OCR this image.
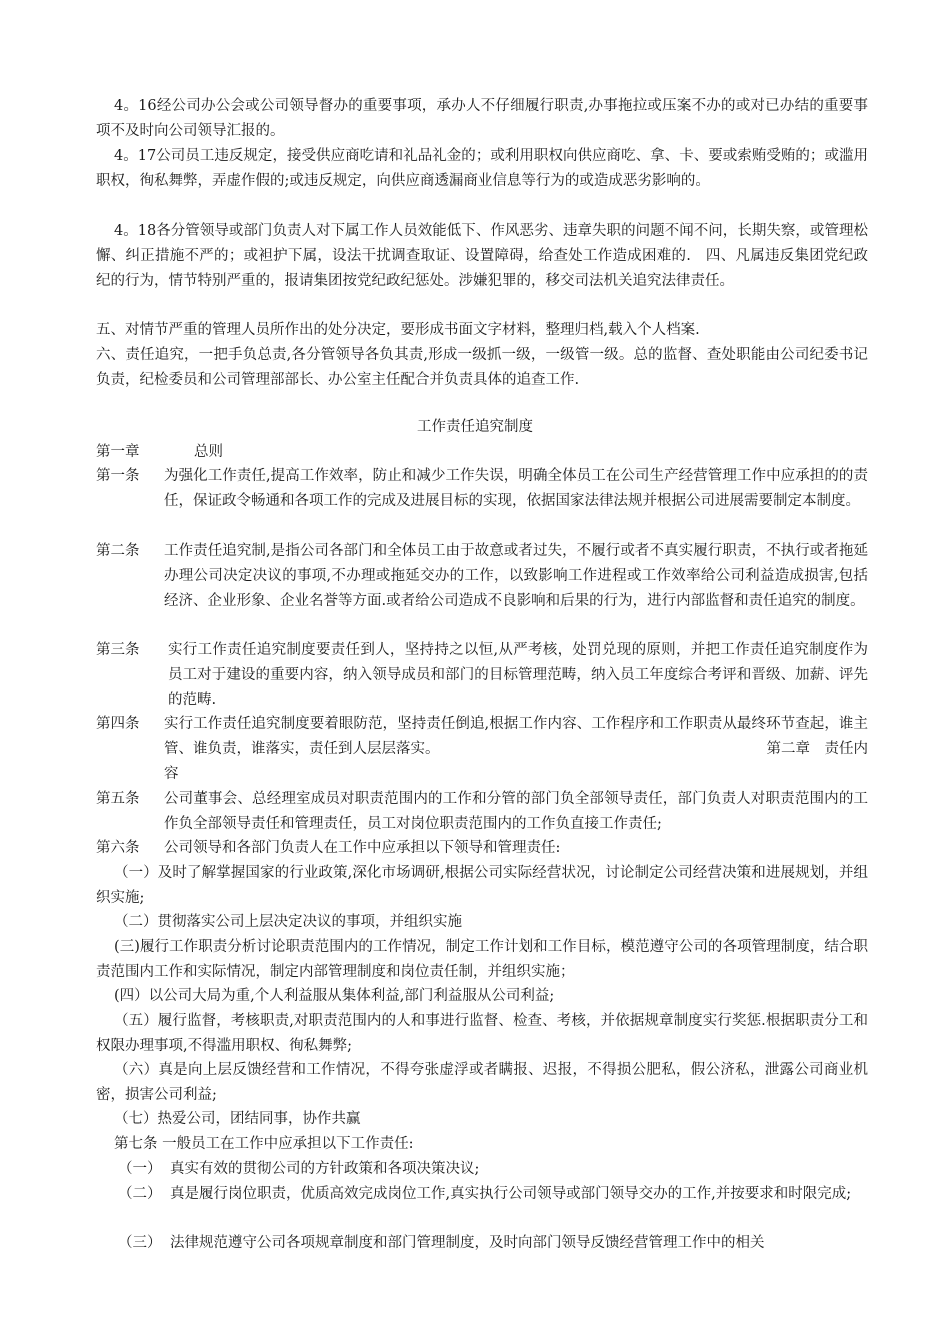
4。16经公司办公会或公司领导督办的重要事项，承办人不仔细履行职责,办事拖拉或压案不办的或对已办结的重要事项不及时向公司领导汇报的。

4。17公司员工违反规定，接受供应商吃请和礼品礼金的；或利用职权向供应商吃、拿、卡、要或索贿受贿的；或滥用职权，徇私舞弊，弄虚作假的;或违反规定，向供应商透漏商业信息等行为的或造成恶劣影响的。

4。18各分管领导或部门负责人对下属工作人员效能低下、作风恶劣、违章失职的问题不闻不问，长期失察，或管理松懈、纠正措施不严的；或袒护下属，设法干扰调查取证、设置障碍，给查处工作造成困难的.　四、凡属违反集团党纪政纪的行为，情节特别严重的，报请集团按党纪政纪惩处。涉嫌犯罪的，移交司法机关追究法律责任。

五、对情节严重的管理人员所作出的处分决定，要形成书面文字材料，整理归档,载入个人档案.

六、责任追究，一把手负总责,各分管领导各负其责,形成一级抓一级，一级管一级。总的监督、查处职能由公司纪委书记负责，纪检委员和公司管理部部长、办公室主任配合并负责具体的追查工作.

工作责任追究制度
第一章	总则
第一条	为强化工作责任,提高工作效率，防止和减少工作失误，明确全体员工在公司生产经营管理工作中应承担的的责任，保证政令畅通和各项工作的完成及进展目标的实现，依据国家法律法规并根据公司进展需要制定本制度。
第二条	工作责任追究制,是指公司各部门和全体员工由于故意或者过失，不履行或者不真实履行职责，不执行或者拖延办理公司决定决议的事项,不办理或拖延交办的工作，以致影响工作进程或工作效率给公司利益造成损害,包括经济、企业形象、企业名誉等方面.或者给公司造成不良影响和后果的行为，进行内部监督和责任追究的制度。
第三条	实行工作责任追究制度要责任到人，坚持持之以恒,从严考核，处罚兑现的原则，并把工作责任追究制度作为员工对于建设的重要内容，纳入领导成员和部门的目标管理范畴，纳入员工年度综合考评和晋级、加薪、评先的范畴.
第四条	实行工作责任追究制度要着眼防范，坚持责任倒追,根据工作内容、工作程序和工作职责从最终环节查起，谁主管、谁负责，谁落实，责任到人层层落实。	第二章　责任内
容
第五条	公司董事会、总经理室成员对职责范围内的工作和分管的部门负全部领导责任，部门负责人对职责范围内的工作负全部领导责任和管理责任，员工对岗位职责范围内的工作负直接工作责任;
第六条	公司领导和各部门负责人在工作中应承担以下领导和管理责任:

（一）及时了解掌握国家的行业政策,深化市场调研,根据公司实际经营状况，讨论制定公司经营决策和进展规划，并组织实施;

（二）贯彻落实公司上层决定决议的事项，并组织实施

(三)履行工作职责分析讨论职责范围内的工作情况，制定工作计划和工作目标，模范遵守公司的各项管理制度，结合职责范围内工作和实际情况，制定内部管理制度和岗位责任制，并组织实施；

(四）以公司大局为重,个人利益服从集体利益,部门利益服从公司利益;

（五）履行监督，考核职责,对职责范围内的人和事进行监督、检查、考核，并依据规章制度实行奖惩.根据职责分工和权限办理事项,不得滥用职权、徇私舞弊;

（六）真是向上层反馈经营和工作情况，不得夸张虚浮或者瞒报、迟报，不得损公肥私，假公济私，泄露公司商业机密，损害公司利益;

（七）热爱公司，团结同事，协作共赢

第七条 一般员工在工作中应承担以下工作责任:

（一） 真实有效的贯彻公司的方针政策和各项决策决议;
（二） 真是履行岗位职责，优质高效完成岗位工作,真实执行公司领导或部门领导交办的工作,并按要求和时限完成;
（三） 法律规范遵守公司各项规章制度和部门管理制度，及时向部门领导反馈经营管理工作中的相关
